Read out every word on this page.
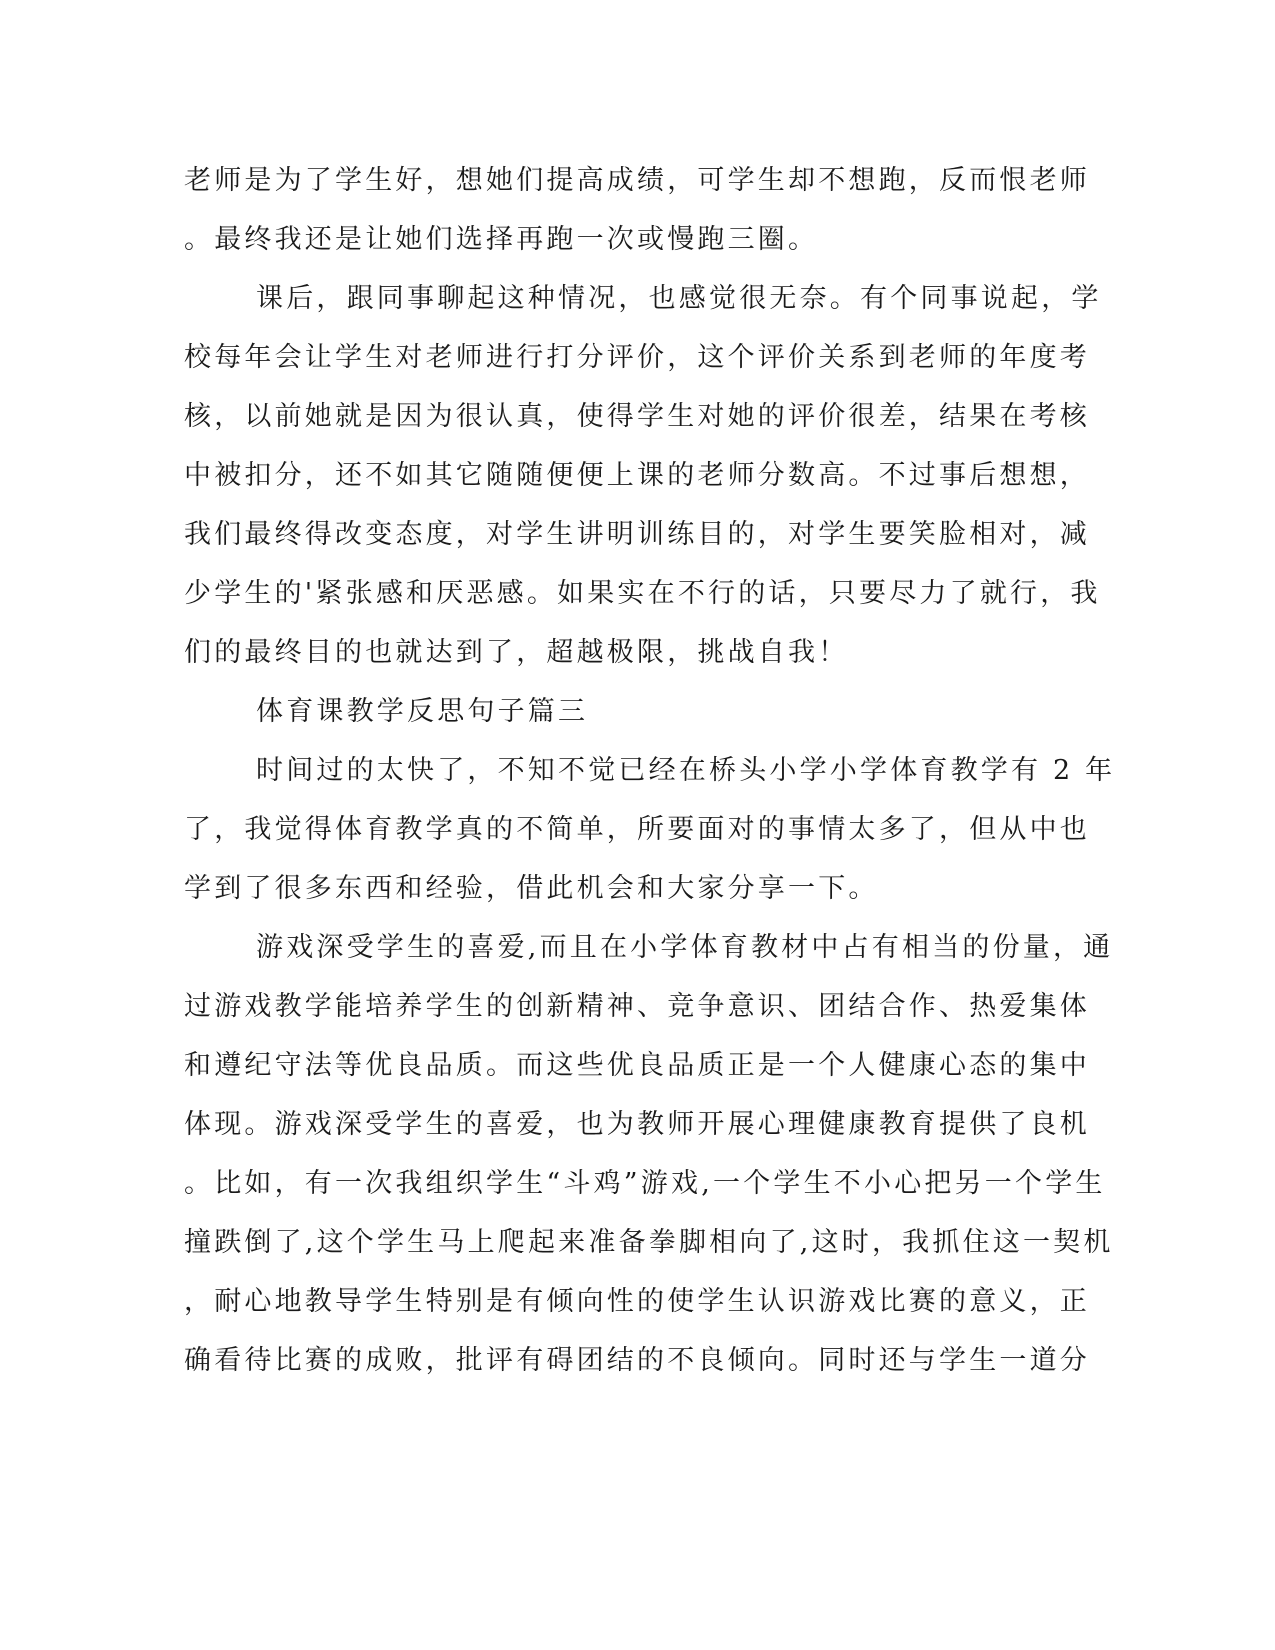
老师是为了学生好，想她们提高成绩，可学生却不想跑，反而恨老师
。最终我还是让她们选择再跑一次或慢跑三圈。
课后，跟同事聊起这种情况，也感觉很无奈。有个同事说起，学
校每年会让学生对老师进行打分评价，这个评价关系到老师的年度考
核，以前她就是因为很认真，使得学生对她的评价很差，结果在考核
中被扣分，还不如其它随随便便上课的老师分数高。不过事后想想，
我们最终得改变态度，对学生讲明训练目的，对学生要笑脸相对，减
少学生的'紧张感和厌恶感。如果实在不行的话，只要尽力了就行，我
们的最终目的也就达到了，超越极限，挑战自我！
体育课教学反思句子篇三
时间过的太快了，不知不觉已经在桥头小学小学体育教学有 2 年
了，我觉得体育教学真的不简单，所要面对的事情太多了，但从中也
学到了很多东西和经验，借此机会和大家分享一下。
游戏深受学生的喜爱,而且在小学体育教材中占有相当的份量，通
过游戏教学能培养学生的创新精神、竞争意识、团结合作、热爱集体
和遵纪守法等优良品质。而这些优良品质正是一个人健康心态的集中
体现。游戏深受学生的喜爱，也为教师开展心理健康教育提供了良机
。比如，有一次我组织学生“斗鸡”游戏,一个学生不小心把另一个学生
撞跌倒了,这个学生马上爬起来准备拳脚相向了,这时，我抓住这一契机
，耐心地教导学生特别是有倾向性的使学生认识游戏比赛的意义，正
确看待比赛的成败，批评有碍团结的不良倾向。同时还与学生一道分
